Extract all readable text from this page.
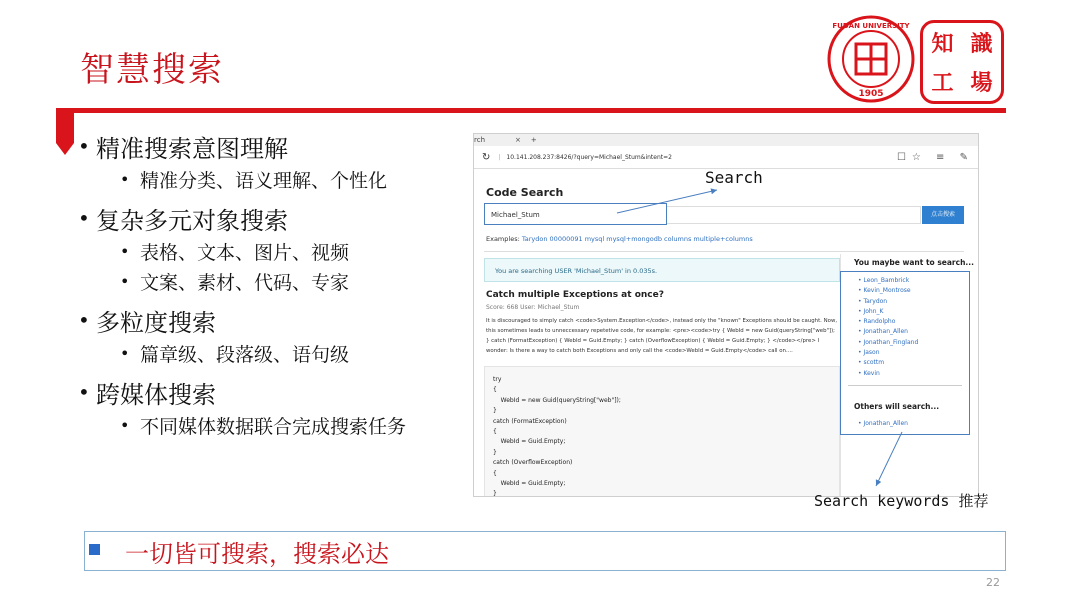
智慧搜索
1905
FUDAN UNIVERSITY
知 識
工 場
• 精准搜索意图理解
• 精准分类、语义理解、个性化
• 复杂多元对象搜索
• 表格、文本、图片、视频
• 文案、素材、代码、专家
• 多粒度搜索
• 篇章级、段落级、语句级
• 跨媒体搜索
• 不同媒体数据联合完成搜索任务
rch	× +
↻ | 10.141.208.237:8426/?query=Michael_Stum&intent=2	☐☆ ≡ ✎
Code Search
Michael_Stum	点击搜索
Examples: Tarydon 00000091 mysql mysql+mongodb columns multiple+columns
You are searching USER 'Michael_Stum' in 0.035s.
Catch multiple Exceptions at once?
Score: 668 User: Michael_Stum
It is discouraged to simply catch <code>System.Exception</code>, instead only the "known" Exceptions should be caught. Now, this sometimes leads to unneccessary repetetive code, for example: <pre><code>try { WebId = new Guid(queryString["web"]); } catch (FormatException) { WebId = Guid.Empty; } catch (OverflowException) { WebId = Guid.Empty; } </code></pre> I wonder: Is there a way to catch both Exceptions and only call the <code>WebId = Guid.Empty</code> call on....
try
{
WebId = new Guid(queryString["web"]);
}
catch (FormatException)
{
WebId = Guid.Empty;
}
catch (OverflowException)
{
WebId = Guid.Empty;
}
You maybe want to search...
• Leon_Bambrick
• Kevin_Montrose
• Tarydon
• John_K
• Randolpho
• Jonathan_Allen
• Jonathan_Fingland
• Jason
• scottm
• Kevin
Others will search...
• Jonathan_Allen
Search
Search keywords 推荐
一切皆可搜索，搜索必达
22
